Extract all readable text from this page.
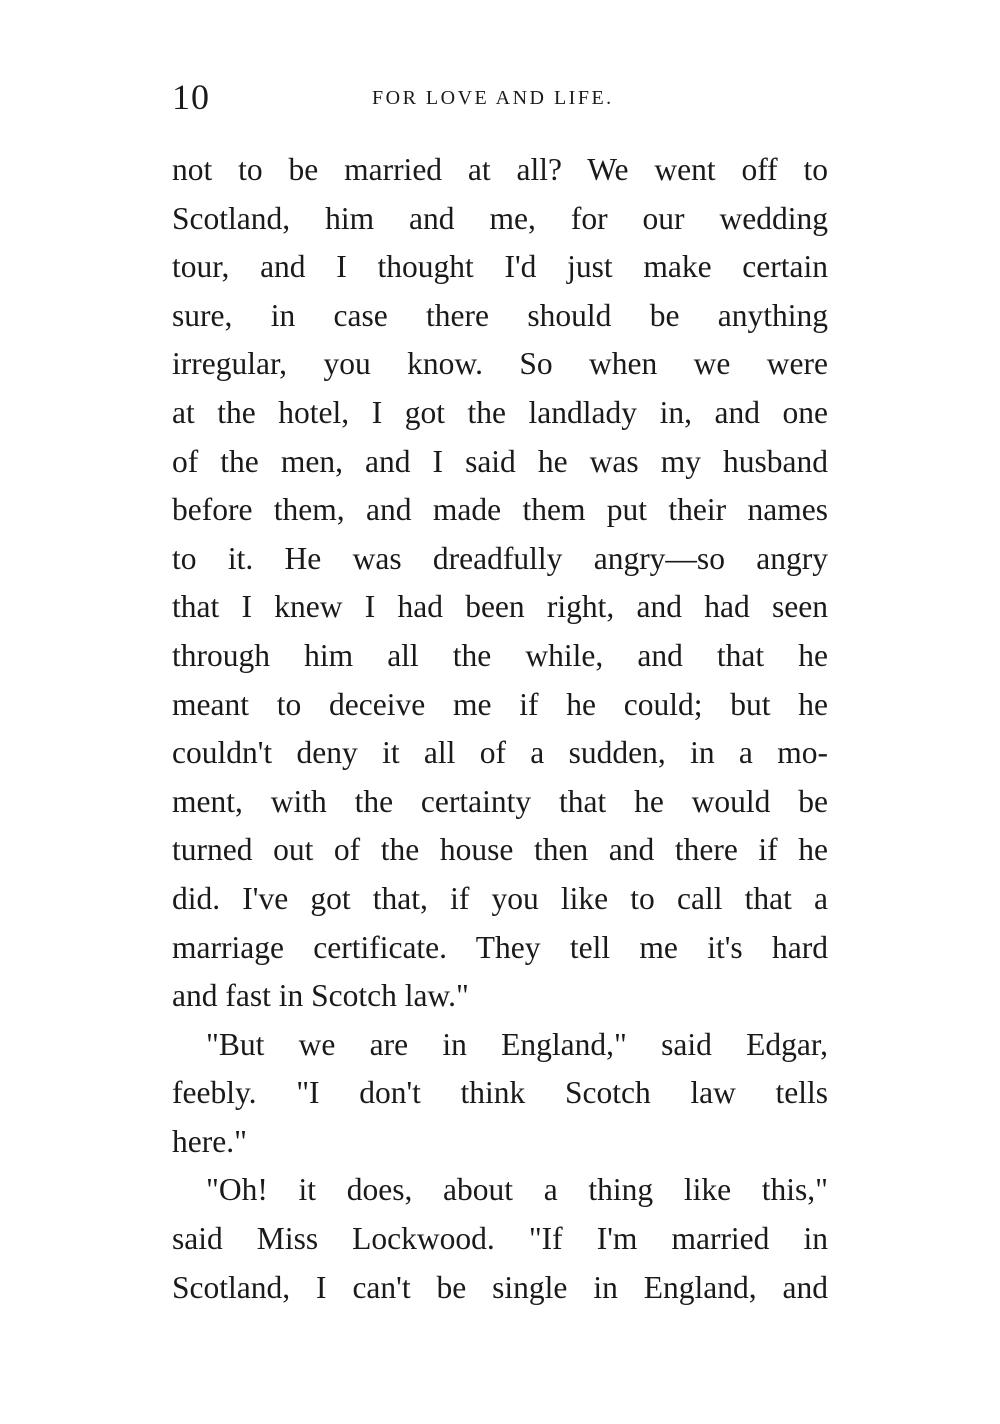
10	FOR LOVE AND LIFE.
not to be married at all? We went off to
Scotland, him and me, for our wedding
tour, and I thought I'd just make certain
sure, in case there should be anything
irregular, you know. So when we were
at the hotel, I got the landlady in, and one
of the men, and I said he was my husband
before them, and made them put their names
to it. He was dreadfully angry—so angry
that I knew I had been right, and had seen
through him all the while, and that he
meant to deceive me if he could; but he
couldn't deny it all of a sudden, in a mo-
ment, with the certainty that he would be
turned out of the house then and there if he
did. I've got that, if you like to call that a
marriage certificate. They tell me it's hard
and fast in Scotch law."
"But we are in England," said Edgar,
feebly. "I don't think Scotch law tells
here."
"Oh! it does, about a thing like this,"
said Miss Lockwood. "If I'm married in
Scotland, I can't be single in England, and
